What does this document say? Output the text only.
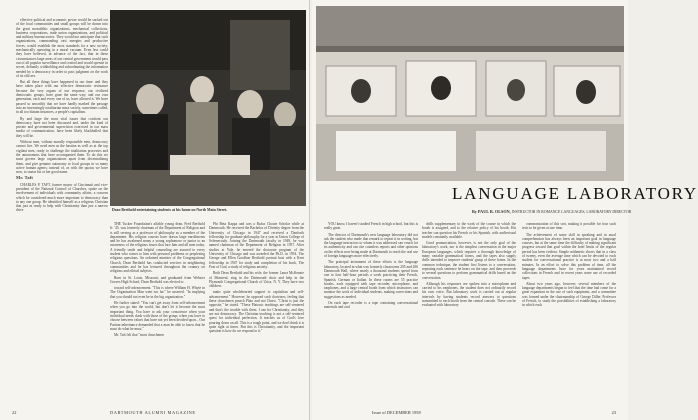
effective political and economic power would be sucked out of the local communities and small groups will be drawn into the great monolithic organizations, mechanical collections, business corporations, trade union organizations, and political and military bureaucracies. They would not anticipate that such organizations, commanding vast energies and productive forces, would establish the most standards for a new society, mechanically operating in a moral vacuum. Even less could they have believed, in advance of the fact, that in these circumstances large areas of our central government would pass out of all popular surveillance and control and would operate in secret, defiantly withholding and subordinating the information needed by a democracy in order to pass judgment on the work of its officers.

But all these things have happened in our time: and they have taken place with our effective democratic resistance because the very organs of our response, our civilized democratic groups, have gone the same way; and our own generation, each and every one of us, have allowed it. We have passed so smoothly that we have hardly marked the passage into an increasingly totalitarian mass society, sometimes called, in all too blatant instances, a people's capitalism.

By and large the most vital issues that confront our democracy have not been discussed and, under the kind of private and governmental supervision exercised in our mass media of communication, have been likely blackballed that they will be.

Without men, without morally responsible men, democracy cannot live. We need men as the bastion as well as at the top vigilant men, ready to challenge the totalitarian processes and the autonomous that have accompanied them. To do this we must govern large organizations apart from decentralizing them, and give genuine autonomy to local groups in so many active human agents; instead of, as with the quotas we have now, to smear his or her good name.

Mr. Taft

CHARLES P. TAFT, former mayor of Cincinnati and vice-president of the National Council of Churches, spoke on the involvement of individuals with community affairs, a concern which he considered much more important to democracy than to any one group. He identified himself as a religious Christian that just as ready to help with Christianity than just a narrow drive	Dean Berthold entertaining students at his home on North Main Street.

THE Tucker Foundation's affable young dean, Fred Berthold Jr. '45, was formerly chairman of the Department of Religion and is still serving as a professor of philosophy as a member of the department. His religion courses have drawn large enrollments and he has awakened many a young sophomore or junior to an awareness of the religious issues that face him and all men today. A friendly smile and helpful counseling are assured to every student who comes to him with personal problems or perplexing religious questions. An ordained minister of the Congregational Church, Dean Berthold has conducted services in neighboring communities and he has lectured throughout the country on religious and ethical subjects.

Born in St. Louis, Missouri, and graduated from Webster Groves High School, Dean Berthold was elected to

toward self-advancement. "This is where William H. Whyte in The Organization Man went too far." he asserted. "In implying that you should not even be in the big organization."

He further stated: "You can't get away from self-advancement when you go into the world, but don't let it become the most important thing. You have to ask your conscience when your individual needs clash with those of the group; when you have to choose between values that have not yet been decided upon... Our Puritan inheritance demanded that a man be able to know that he must do what he must."

Mr. Taft felt that "most churchmen

Phi Beta Kappa and was a Rufus Choate Scholar while at Dartmouth. He received the Bachelor of Divinity degree from the University of Chicago in 1947 and received a Danforth fellowship for graduate philosophy for a year at Union College of Schenectady. Joining the Dartmouth faculty in 1949, he was named chairman of the Department of Religion in 1957. After studies at Yale, he entered the doctorate program of the University of Chicago and was awarded the Ph.D. in 1954. The George and Ellen Goodhue Berthold portrait bust with a Kent fellowship in 1947 for study and completion of his book, The Fear of God, a study of religious anxiety.

Both Dean Berthold and his wife, the former Laura McKenzie of Montreal, sing in the Dartmouth choir and help in the Plymouth Congregational Church of Utica, N. Y. They have two children.

make quite wholehearted support to capitalism and self-advancement." However, he opposed such doctrines, feeling that these churchmen preach Plato and not Christ. "Christ is just the opposite," he stated. "These Platonic teachings are self-centered and that's the trouble with them. I am for Christianity, and they are not democracy. The Christian teaching is not a self-centered quest for individual perfection. It teaches us of God's love pouring down on all. This is a tough point, and we don't think it is quite right at times. But this is Christianity, and the important question is how do we respond to it."

22	DARTMOUTH ALUMNI MAGAZINE
LANGUAGE LABORATORY
By PAUL R. OLSON, INSTRUCTOR IN ROMANCE LANGUAGES, LABORATORY DIRECTOR

YOU know, I haven't studied French in high school, but this is really great.

The director of Dartmouth's new language laboratory did not ask the student who made that remark to repeat it in writing, but the language instructors to whom it was addressed can vouch for its authenticity and can cite countless reports and other opinions on the effects now being made at Dartmouth to reach the oral use of foreign languages more effectively.

The principal instrument of these efforts is the language laboratory, located in what was formerly classrooms 205 and 206 Dartmouth Hall, where nearly a thousand students spend from one to four half-hour periods a week practicing their French, Spanish, German or Italian. In these rooms are 55 practice booths, each equipped with tape recorder, microphone, and earphones, and a large central booth from which instructors can monitor the work of individual students, making corrections and suggestions as needed.

On each tape recorder is a tape containing conversational materials and oral

drills supplementary to the work of the course in which the booth is assigned, and to the relative policy of his booth. His teacher can question his French or his Spanish, with audiovisual models constantly available.

Good pronunciation, however, is not the only goal of the laboratory's work, nor is the simplest conversation in the major European languages, which requires a thorough knowledge of many variable grammatical forms, and the tapes also supply drills intended to improve students' grasp of these forms. In the common technique, the student first listens to a conversation, repeating each sentence he hears on the tape, and then proceeds to several questions to perform grammatical drills based on the conversation.

Although his responses are spoken into a microphone and carried to his earphones, the student does not ordinarily record his own voice. But laboratory work is carried out at regular intervals by having students record answers to questions transmitted to each booth from the central console. These can be evaluated with laboratory

communication of this sort, making it possible for four such tests to be given at one time.

The achievement of some skill in speaking and in aural comprehension has always been an important goal in language courses, but at the same time the difficulty of making significant progress toward that goal within the brief limits of the regular period has been evident. Simple arithmetic shows that in a class of twenty, even the average time which can be devoted to each student for conversational practice is at most two and a half minutes. In an effort to solve this problem of time, all the language departments have for years maintained record collections in French and in recent years some use of recorded tapes.

About two years ago, however, several members of the language departments began to feel that the time had come for a great expansion in the use of such equipment, and a committee was formed under the chairmanship of George Diller. Professor of French, to study the possibilities of establishing a laboratory in which each

Issue of DECEMBER 1958	23
